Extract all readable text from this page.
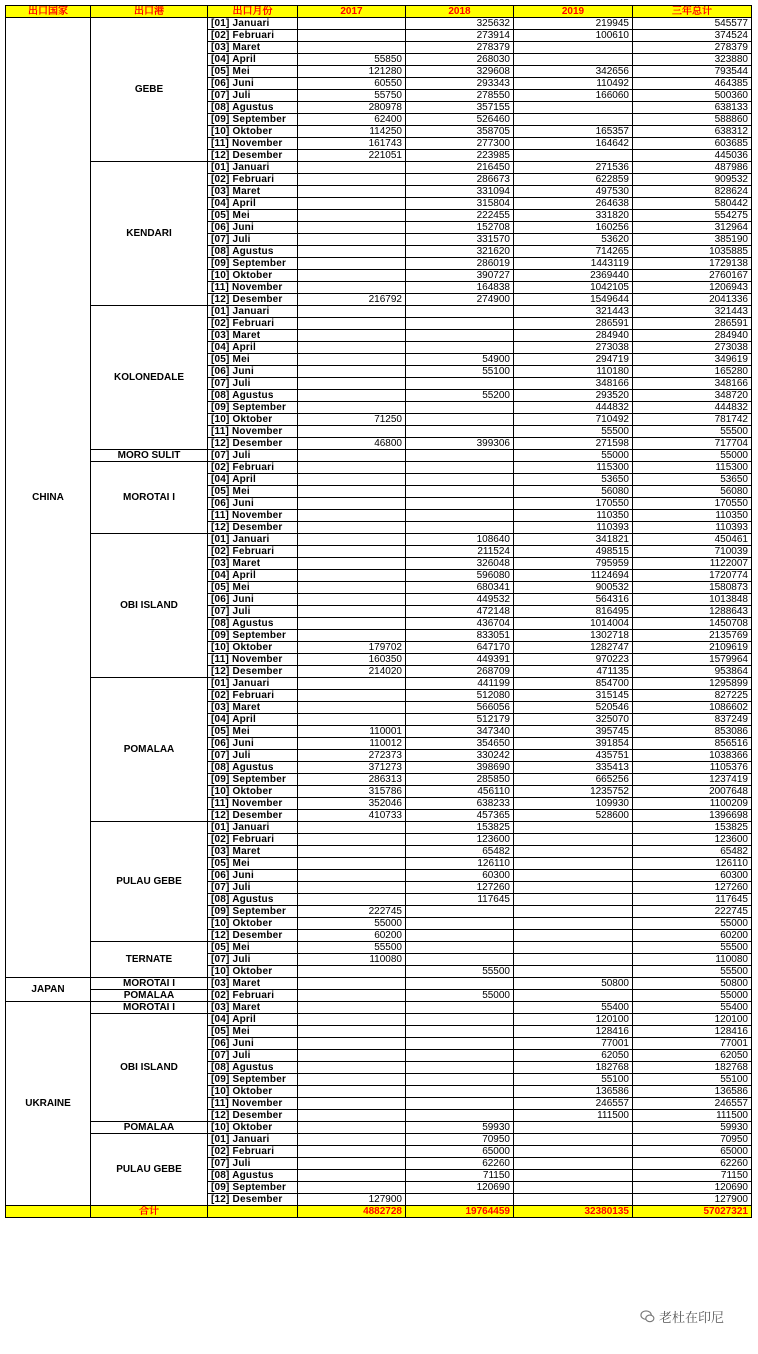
出口国家	出口港	出口月份	2017	2018	2019	三年总计
CHINA	GEBE	[01] Januari		325632	219945	545577
		[02] Februari		273914	100610	374524
		[03] Maret		278379		278379
		[04] April	55850	268030		323880
		[05] Mei	121280	329608	342656	793544
		[06] Juni	60550	293343	110492	464385
		[07] Juli	55750	278550	166060	500360
		[08] Agustus	280978	357155		638133
		[09] September	62400	526460		588860
		[10] Oktober	114250	358705	165357	638312
		[11] November	161743	277300	164642	603685
		[12] Desember	221051	223985		445036
	KENDARI	[01] Januari		216450	271536	487986
		[02] Februari		286673	622859	909532
		[03] Maret		331094	497530	828624
		[04] April		315804	264638	580442
		[05] Mei		222455	331820	554275
		[06] Juni		152708	160256	312964
		[07] Juli		331570	53620	385190
		[08] Agustus		321620	714265	1035885
		[09] September		286019	1443119	1729138
		[10] Oktober		390727	2369440	2760167
		[11] November		164838	1042105	1206943
		[12] Desember	216792	274900	1549644	2041336
	KOLONEDALE	[01] Januari			321443	321443
		[02] Februari			286591	286591
		[03] Maret			284940	284940
		[04] April			273038	273038
		[05] Mei		54900	294719	349619
		[06] Juni		55100	110180	165280
		[07] Juli			348166	348166
		[08] Agustus		55200	293520	348720
		[09] September			444832	444832
		[10] Oktober	71250		710492	781742
		[11] November			55500	55500
		[12] Desember	46800	399306	271598	717704
	MORO SULIT	[07] Juli			55000	55000
	MOROTAI I	[02] Februari			115300	115300
		[04] April			53650	53650
		[05] Mei			56080	56080
		[06] Juni			170550	170550
		[11] November			110350	110350
		[12] Desember			110393	110393
	OBI ISLAND	[01] Januari		108640	341821	450461
		[02] Februari		211524	498515	710039
		[03] Maret		326048	795959	1122007
		[04] April		596080	1124694	1720774
		[05] Mei		680341	900532	1580873
		[06] Juni		449532	564316	1013848
		[07] Juli		472148	816495	1288643
		[08] Agustus		436704	1014004	1450708
		[09] September		833051	1302718	2135769
		[10] Oktober	179702	647170	1282747	2109619
		[11] November	160350	449391	970223	1579964
		[12] Desember	214020	268709	471135	953864
	POMALAA	[01] Januari		441199	854700	1295899
		[02] Februari		512080	315145	827225
		[03] Maret		566056	520546	1086602
		[04] April		512179	325070	837249
		[05] Mei	110001	347340	395745	853086
		[06] Juni	110012	354650	391854	856516
		[07] Juli	272373	330242	435751	1038366
		[08] Agustus	371273	398690	335413	1105376
		[09] September	286313	285850	665256	1237419
		[10] Oktober	315786	456110	1235752	2007648
		[11] November	352046	638233	109930	1100209
		[12] Desember	410733	457365	528600	1396698
	PULAU GEBE	[01] Januari		153825		153825
		[02] Februari		123600		123600
		[03] Maret		65482		65482
		[05] Mei		126110		126110
		[06] Juni		60300		60300
		[07] Juli		127260		127260
		[08] Agustus		117645		117645
		[09] September	222745			222745
		[10] Oktober	55000			55000
		[12] Desember	60200			60200
	TERNATE	[05] Mei	55500			55500
		[07] Juli	110080			110080
		[10] Oktober		55500		55500
JAPAN	MOROTAI I	[03] Maret			50800	50800
	POMALAA	[02] Februari		55000		55000
UKRAINE	MOROTAI I	[03] Maret			55400	55400
	OBI ISLAND	[04] April			120100	120100
		[05] Mei			128416	128416
		[06] Juni			77001	77001
		[07] Juli			62050	62050
		[08] Agustus			182768	182768
		[09] September			55100	55100
		[10] Oktober			136586	136586
		[11] November			246557	246557
		[12] Desember			111500	111500
	POMALAA	[10] Oktober		59930		59930
	PULAU GEBE	[01] Januari		70950		70950
		[02] Februari		65000		65000
		[07] Juli		62260		62260
		[08] Agustus		71150		71150
		[09] September		120690		120690
		[12] Desember	127900			127900
	合计		4882728	19764459	32380135	57027321
老杜在印尼
